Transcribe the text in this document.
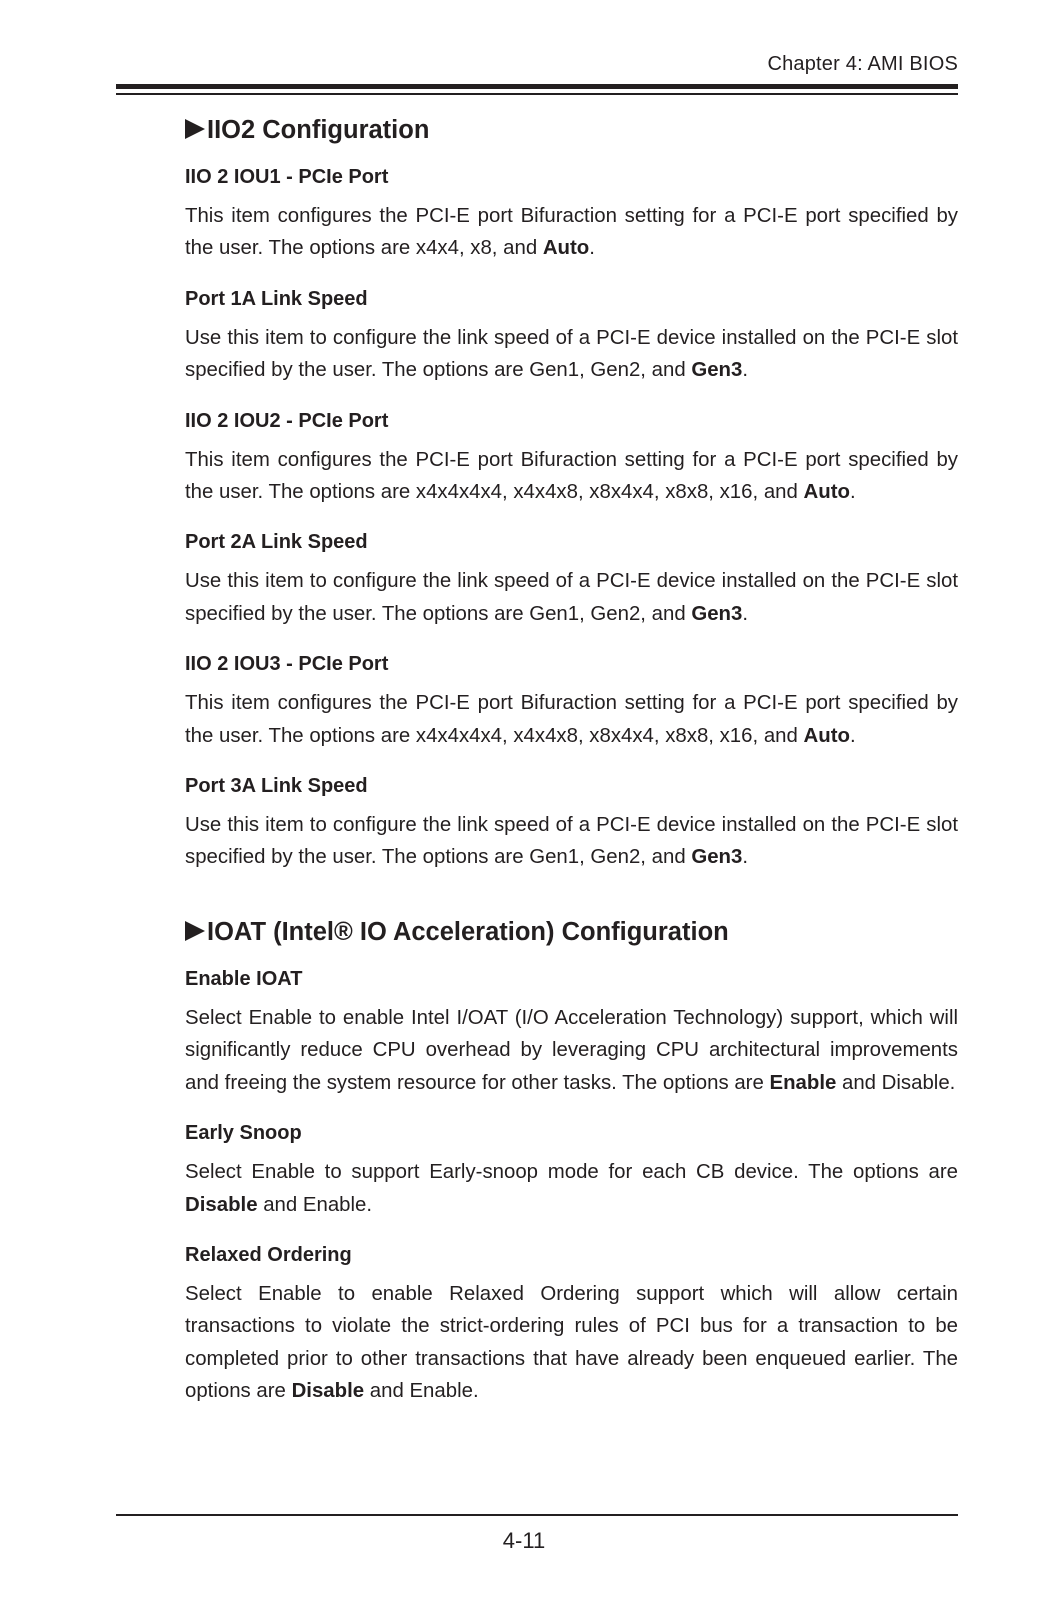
Chapter 4: AMI BIOS
IIO2 Configuration
IIO 2 IOU1 - PCIe Port

This item configures the PCI-E port Bifuraction setting for a PCI-E port specified by the user. The options are x4x4, x8, and Auto.

Port 1A Link Speed

Use this item to configure the link speed of a PCI-E device installed on the PCI-E slot specified by the user. The options are Gen1, Gen2, and Gen3.

IIO 2 IOU2 - PCIe Port

This item configures the PCI-E port Bifuraction setting for a PCI-E port specified by the user. The options are x4x4x4x4, x4x4x8, x8x4x4, x8x8, x16, and Auto.

Port 2A Link Speed

Use this item to configure the link speed of a PCI-E device installed on the PCI-E slot specified by the user. The options are Gen1, Gen2, and Gen3.

IIO 2 IOU3 - PCIe Port

This item configures the PCI-E port Bifuraction setting for a PCI-E port specified by the user. The options are x4x4x4x4, x4x4x8, x8x4x4, x8x8, x16, and Auto.

Port 3A Link Speed

Use this item to configure the link speed of a PCI-E device installed on the PCI-E slot specified by the user. The options are Gen1, Gen2, and Gen3.

IOAT (Intel® IO Acceleration) Configuration
Enable IOAT

Select Enable to enable Intel I/OAT (I/O Acceleration Technology) support, which will significantly reduce CPU overhead by leveraging CPU architectural improvements and freeing the system resource for other tasks. The options are Enable and Disable.

Early Snoop

Select Enable to support Early-snoop mode for each CB device. The options are Disable and Enable.

Relaxed Ordering

Select Enable to enable Relaxed Ordering support which will allow certain transactions to violate the strict-ordering rules of PCI bus for a transaction to be completed prior to other transactions that have already been enqueued earlier. The options are Disable and Enable.

4-11
